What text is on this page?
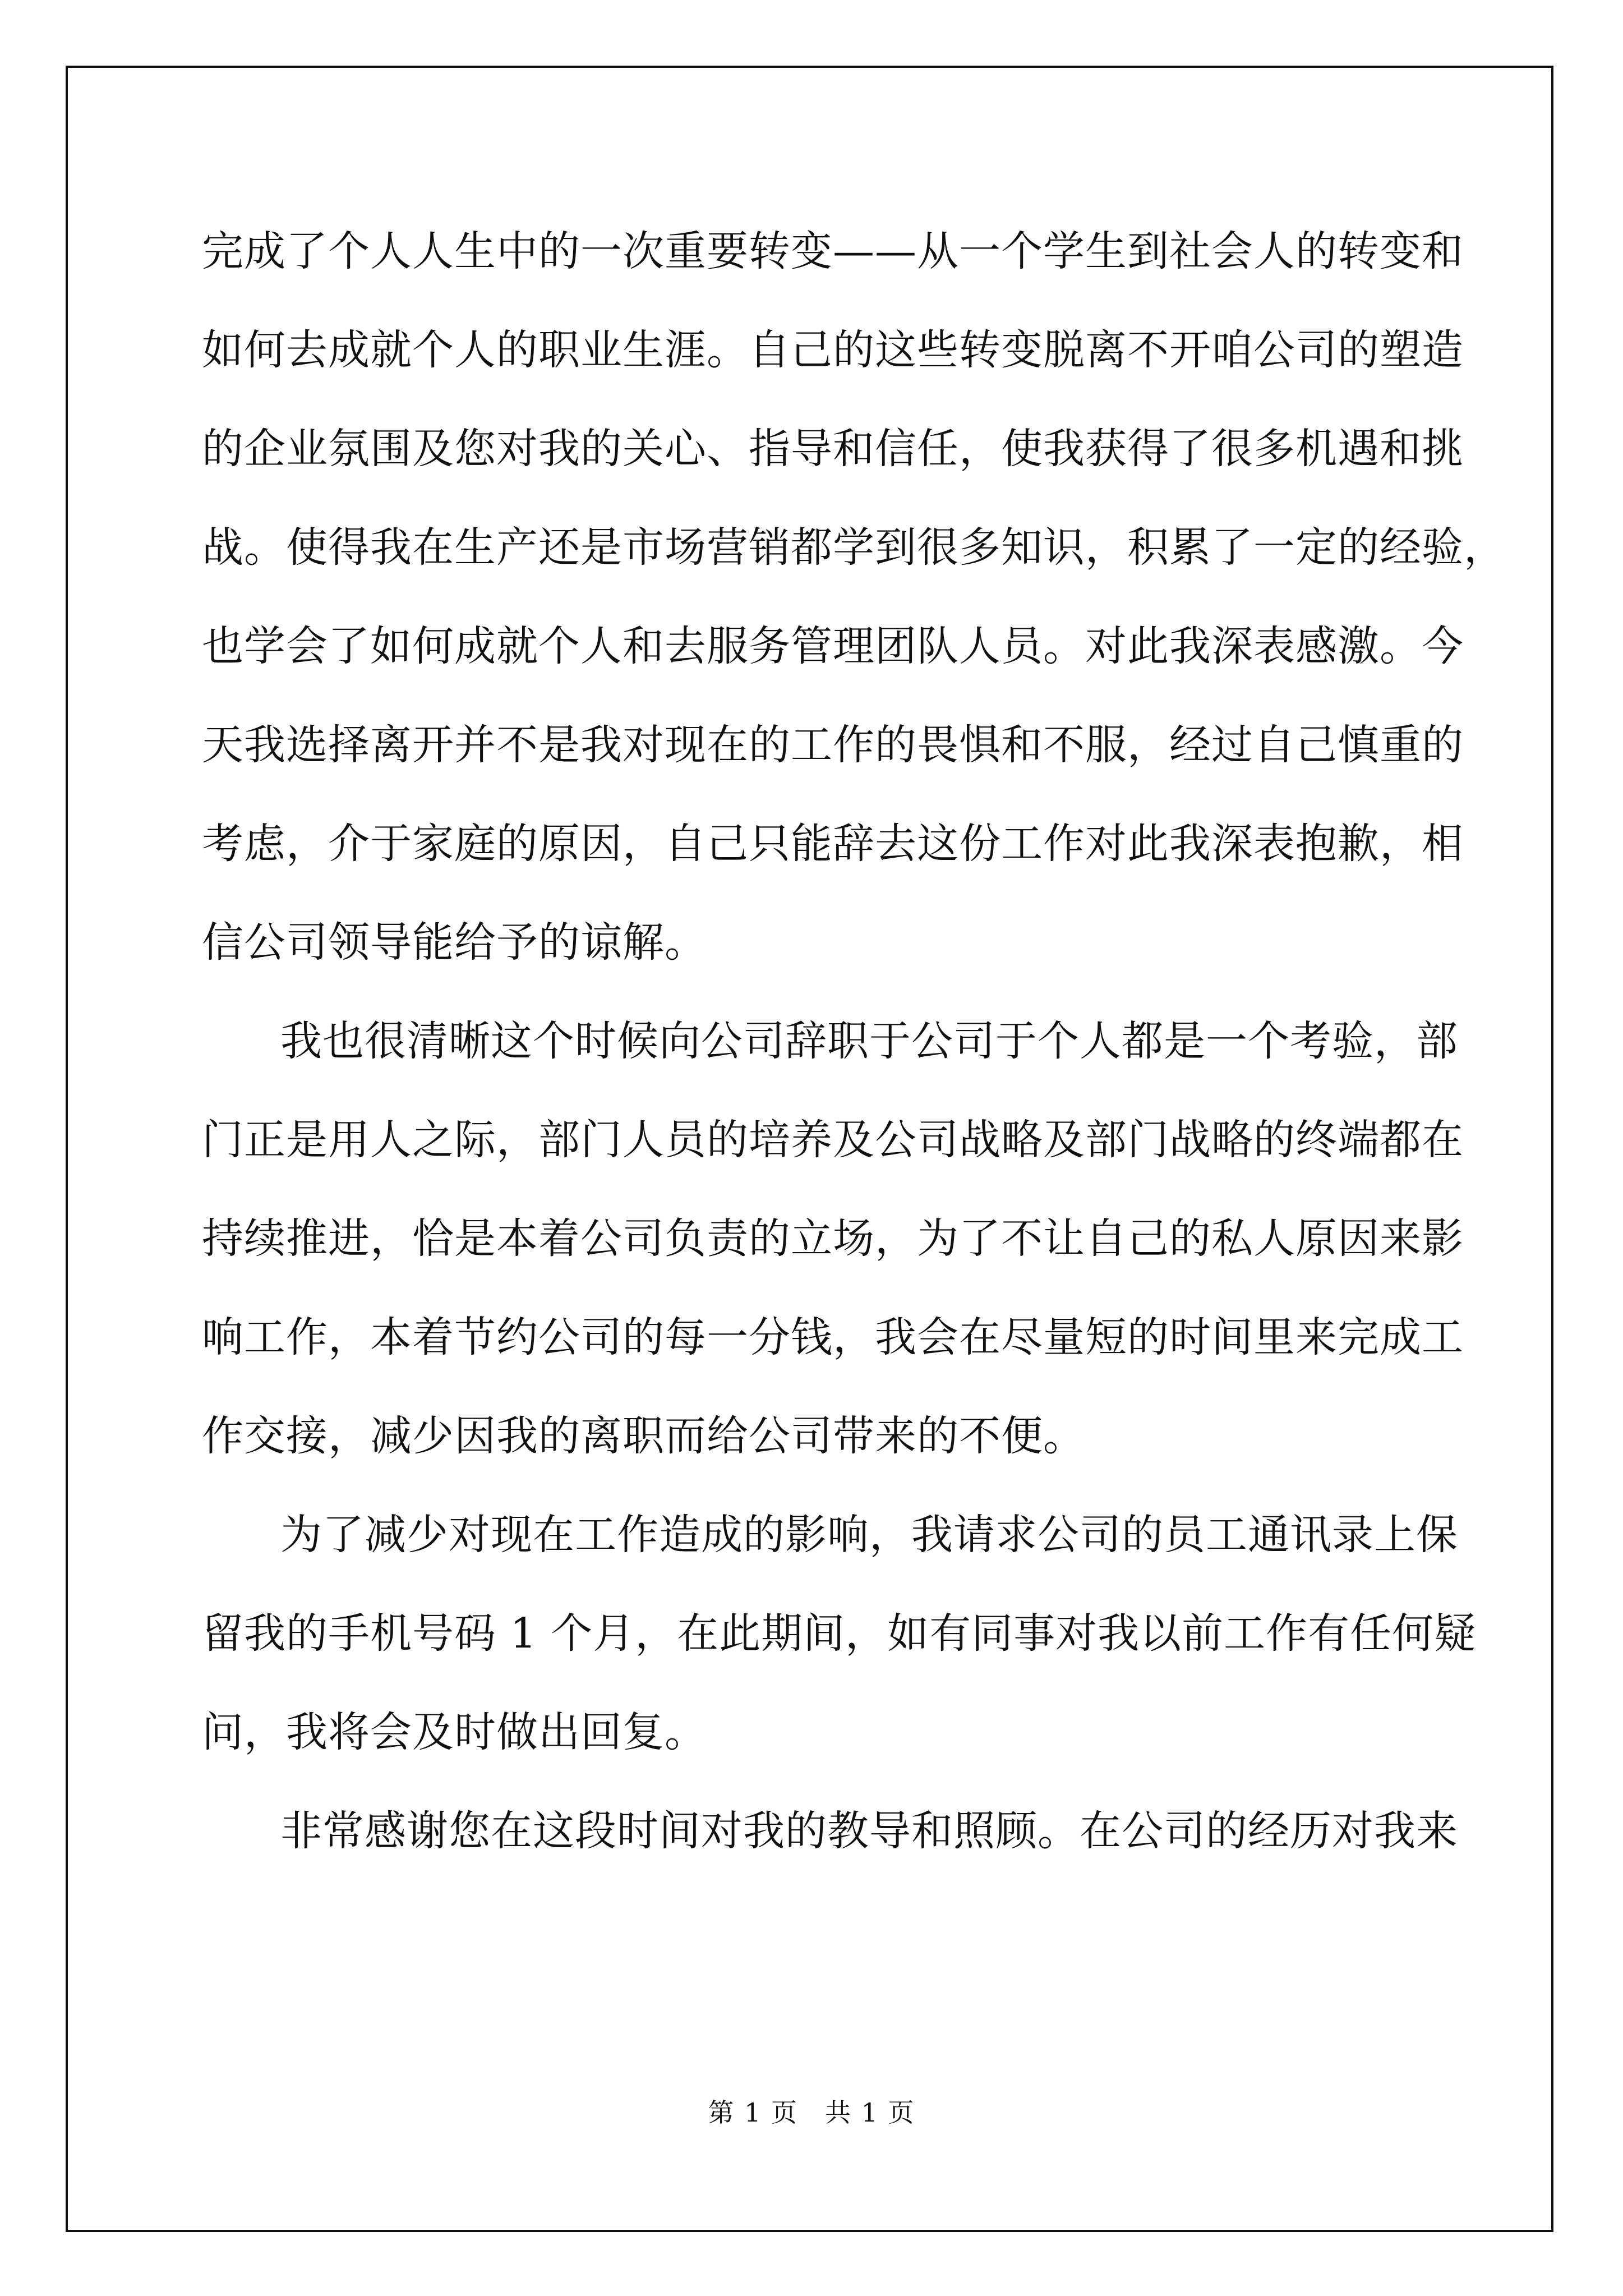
完成了个人人生中的一次重要转变——从一个学生到社会人的转变和
如何去成就个人的职业生涯。自己的这些转变脱离不开咱公司的塑造
的企业氛围及您对我的关心、指导和信任，使我获得了很多机遇和挑
战。使得我在生产还是市场营销都学到很多知识，积累了一定的经验，
也学会了如何成就个人和去服务管理团队人员。对此我深表感激。今
天我选择离开并不是我对现在的工作的畏惧和不服，经过自己慎重的
考虑，介于家庭的原因，自己只能辞去这份工作对此我深表抱歉，相
信公司领导能给予的谅解。
我也很清晰这个时候向公司辞职于公司于个人都是一个考验，部
门正是用人之际，部门人员的培养及公司战略及部门战略的终端都在
持续推进，恰是本着公司负责的立场，为了不让自己的私人原因来影
响工作，本着节约公司的每一分钱，我会在尽量短的时间里来完成工
作交接，减少因我的离职而给公司带来的不便。
为了减少对现在工作造成的影响，我请求公司的员工通讯录上保
留我的手机号码 1 个月，在此期间，如有同事对我以前工作有任何疑
问，我将会及时做出回复。
非常感谢您在这段时间对我的教导和照顾。在公司的经历对我来
第 1 页　共 1 页
